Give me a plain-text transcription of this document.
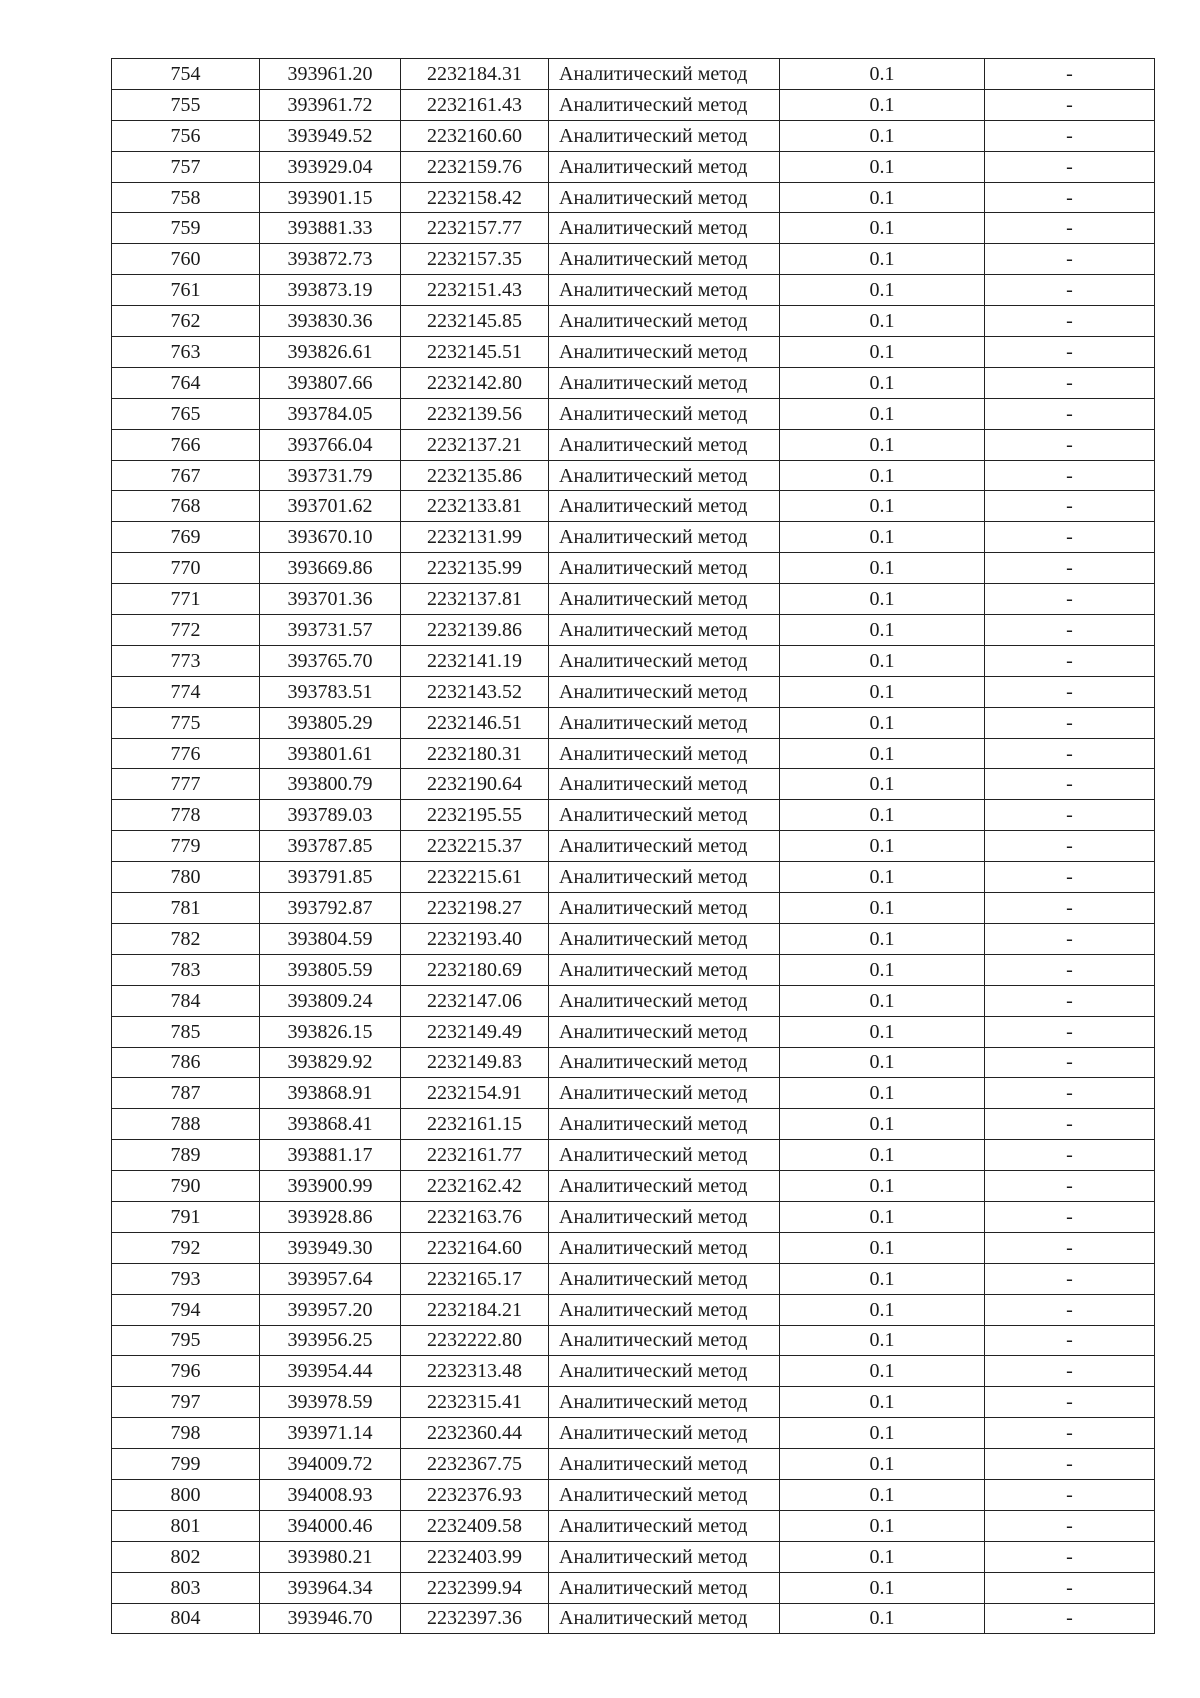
754	393961.20	2232184.31	Аналитический метод	0.1	-
755	393961.72	2232161.43	Аналитический метод	0.1	-
756	393949.52	2232160.60	Аналитический метод	0.1	-
757	393929.04	2232159.76	Аналитический метод	0.1	-
758	393901.15	2232158.42	Аналитический метод	0.1	-
759	393881.33	2232157.77	Аналитический метод	0.1	-
760	393872.73	2232157.35	Аналитический метод	0.1	-
761	393873.19	2232151.43	Аналитический метод	0.1	-
762	393830.36	2232145.85	Аналитический метод	0.1	-
763	393826.61	2232145.51	Аналитический метод	0.1	-
764	393807.66	2232142.80	Аналитический метод	0.1	-
765	393784.05	2232139.56	Аналитический метод	0.1	-
766	393766.04	2232137.21	Аналитический метод	0.1	-
767	393731.79	2232135.86	Аналитический метод	0.1	-
768	393701.62	2232133.81	Аналитический метод	0.1	-
769	393670.10	2232131.99	Аналитический метод	0.1	-
770	393669.86	2232135.99	Аналитический метод	0.1	-
771	393701.36	2232137.81	Аналитический метод	0.1	-
772	393731.57	2232139.86	Аналитический метод	0.1	-
773	393765.70	2232141.19	Аналитический метод	0.1	-
774	393783.51	2232143.52	Аналитический метод	0.1	-
775	393805.29	2232146.51	Аналитический метод	0.1	-
776	393801.61	2232180.31	Аналитический метод	0.1	-
777	393800.79	2232190.64	Аналитический метод	0.1	-
778	393789.03	2232195.55	Аналитический метод	0.1	-
779	393787.85	2232215.37	Аналитический метод	0.1	-
780	393791.85	2232215.61	Аналитический метод	0.1	-
781	393792.87	2232198.27	Аналитический метод	0.1	-
782	393804.59	2232193.40	Аналитический метод	0.1	-
783	393805.59	2232180.69	Аналитический метод	0.1	-
784	393809.24	2232147.06	Аналитический метод	0.1	-
785	393826.15	2232149.49	Аналитический метод	0.1	-
786	393829.92	2232149.83	Аналитический метод	0.1	-
787	393868.91	2232154.91	Аналитический метод	0.1	-
788	393868.41	2232161.15	Аналитический метод	0.1	-
789	393881.17	2232161.77	Аналитический метод	0.1	-
790	393900.99	2232162.42	Аналитический метод	0.1	-
791	393928.86	2232163.76	Аналитический метод	0.1	-
792	393949.30	2232164.60	Аналитический метод	0.1	-
793	393957.64	2232165.17	Аналитический метод	0.1	-
794	393957.20	2232184.21	Аналитический метод	0.1	-
795	393956.25	2232222.80	Аналитический метод	0.1	-
796	393954.44	2232313.48	Аналитический метод	0.1	-
797	393978.59	2232315.41	Аналитический метод	0.1	-
798	393971.14	2232360.44	Аналитический метод	0.1	-
799	394009.72	2232367.75	Аналитический метод	0.1	-
800	394008.93	2232376.93	Аналитический метод	0.1	-
801	394000.46	2232409.58	Аналитический метод	0.1	-
802	393980.21	2232403.99	Аналитический метод	0.1	-
803	393964.34	2232399.94	Аналитический метод	0.1	-
804	393946.70	2232397.36	Аналитический метод	0.1	-
